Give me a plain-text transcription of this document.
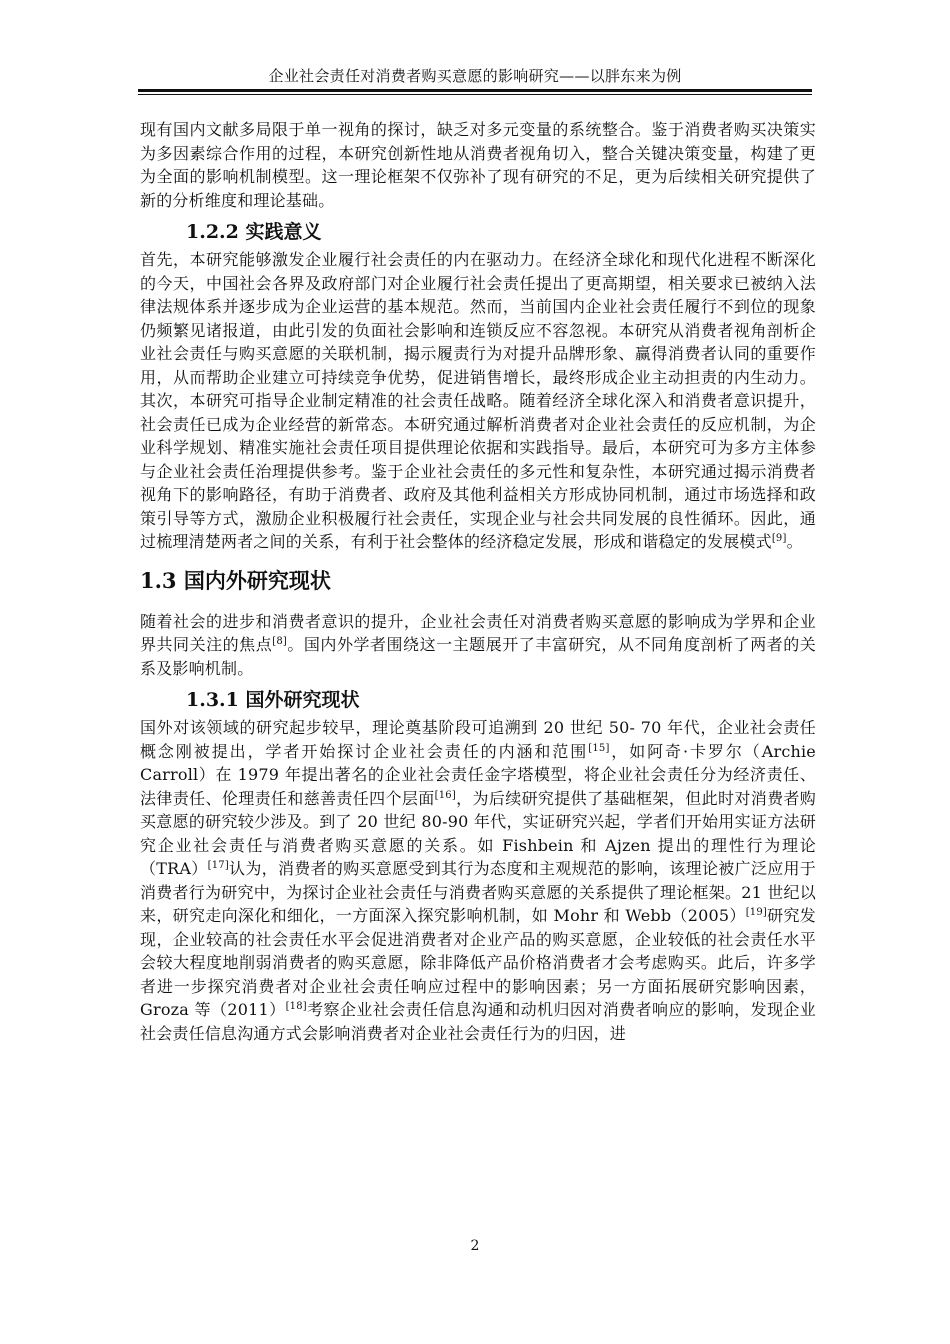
企业社会责任对消费者购买意愿的影响研究——以胖东来为例

现有国内文献多局限于单一视角的探讨，缺乏对多元变量的系统整合。鉴于消费者购买决策实为多因素综合作用的过程，本研究创新性地从消费者视角切入，整合关键决策变量，构建了更为全面的影响机制模型。这一理论框架不仅弥补了现有研究的不足，更为后续相关研究提供了新的分析维度和理论基础。

1.2.2 实践意义

首先，本研究能够激发企业履行社会责任的内在驱动力。在经济全球化和现代化进程不断深化的今天，中国社会各界及政府部门对企业履行社会责任提出了更高期望，相关要求已被纳入法律法规体系并逐步成为企业运营的基本规范。然而，当前国内企业社会责任履行不到位的现象仍频繁见诸报道，由此引发的负面社会影响和连锁反应不容忽视。本研究从消费者视角剖析企业社会责任与购买意愿的关联机制，揭示履责行为对提升品牌形象、赢得消费者认同的重要作用，从而帮助企业建立可持续竞争优势，促进销售增长，最终形成企业主动担责的内生动力。其次，本研究可指导企业制定精准的社会责任战略。随着经济全球化深入和消费者意识提升，社会责任已成为企业经营的新常态。本研究通过解析消费者对企业社会责任的反应机制，为企业科学规划、精准实施社会责任项目提供理论依据和实践指导。最后，本研究可为多方主体参与企业社会责任治理提供参考。鉴于企业社会责任的多元性和复杂性，本研究通过揭示消费者视角下的影响路径，有助于消费者、政府及其他利益相关方形成协同机制，通过市场选择和政策引导等方式，激励企业积极履行社会责任，实现企业与社会共同发展的良性循环。因此，通过梳理清楚两者之间的关系，有利于社会整体的经济稳定发展，形成和谐稳定的发展模式[9]。

1.3 国内外研究现状

随着社会的进步和消费者意识的提升，企业社会责任对消费者购买意愿的影响成为学界和企业界共同关注的焦点[8]。国内外学者围绕这一主题展开了丰富研究，从不同角度剖析了两者的关系及影响机制。

1.3.1 国外研究现状

国外对该领域的研究起步较早，理论奠基阶段可追溯到 20 世纪 50- 70 年代，企业社会责任概念刚被提出，学者开始探讨企业社会责任的内涵和范围[15]，如阿奇·卡罗尔（Archie Carroll）在 1979 年提出著名的企业社会责任金字塔模型，将企业社会责任分为经济责任、法律责任、伦理责任和慈善责任四个层面[16]，为后续研究提供了基础框架，但此时对消费者购买意愿的研究较少涉及。到了 20 世纪 80-90 年代，实证研究兴起，学者们开始用实证方法研究企业社会责任与消费者购买意愿的关系。如 Fishbein 和 Ajzen 提出的理性行为理论（TRA）[17]认为，消费者的购买意愿受到其行为态度和主观规范的影响，该理论被广泛应用于消费者行为研究中，为探讨企业社会责任与消费者购买意愿的关系提供了理论框架。21 世纪以来，研究走向深化和细化，一方面深入探究影响机制，如 Mohr 和 Webb（2005）[19]研究发现，企业较高的社会责任水平会促进消费者对企业产品的购买意愿，企业较低的社会责任水平会较大程度地削弱消费者的购买意愿，除非降低产品价格消费者才会考虑购买。此后，许多学者进一步探究消费者对企业社会责任响应过程中的影响因素；另一方面拓展研究影响因素，Groza 等（2011）[18]考察企业社会责任信息沟通和动机归因对消费者响应的影响，发现企业社会责任信息沟通方式会影响消费者对企业社会责任行为的归因，进

2
